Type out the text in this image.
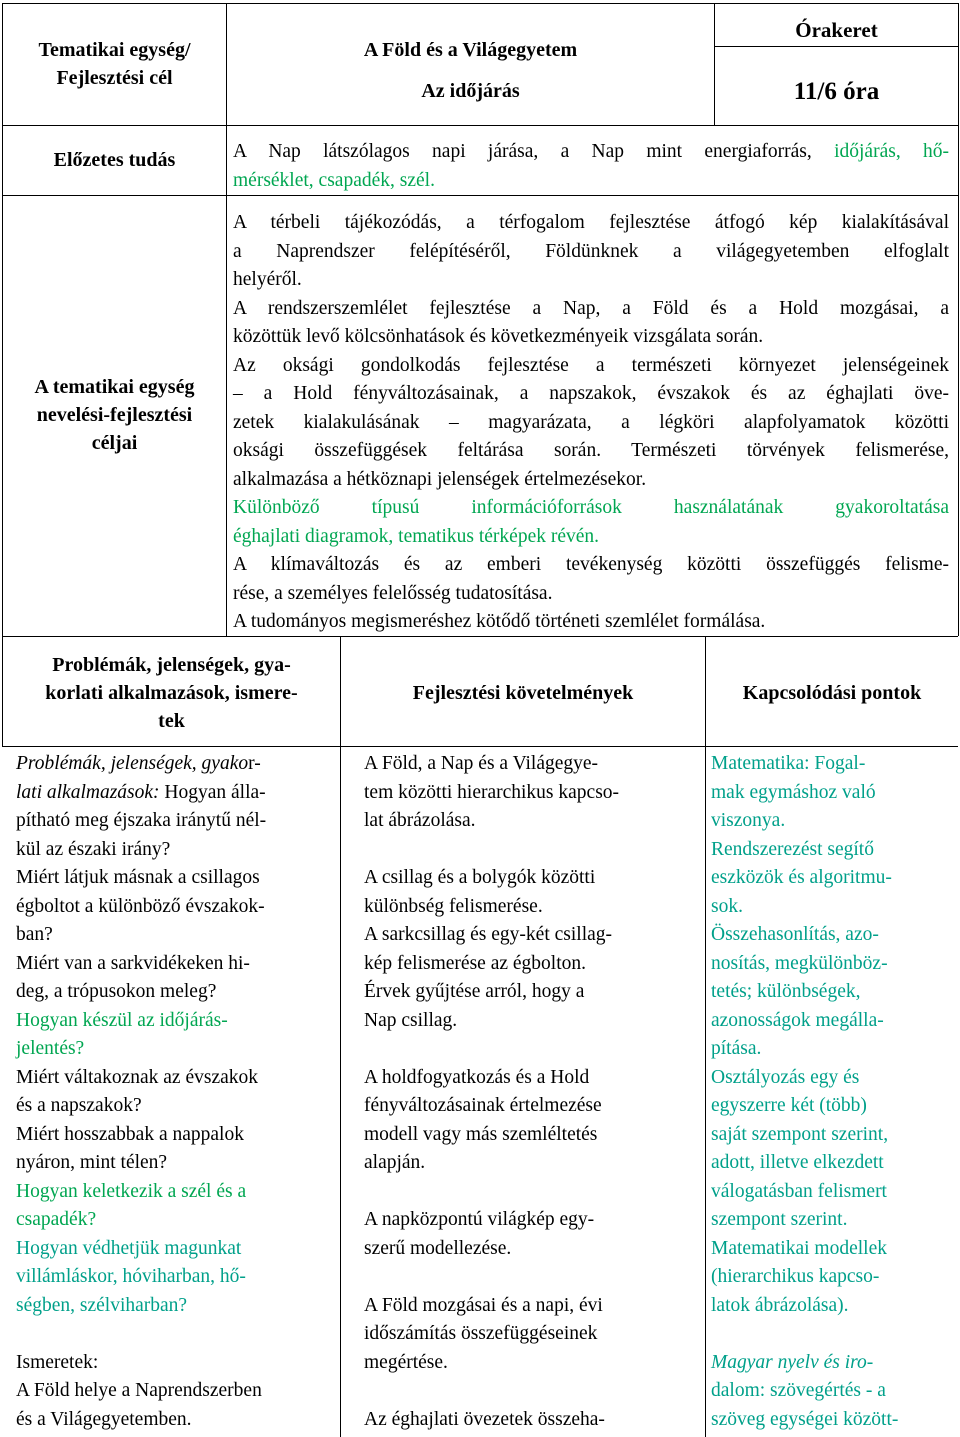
Tematikai egység/
Fejlesztési cél
A Föld és a Világegyetem
Az időjárás
Órakeret
11/6 óra
Előzetes tudás	A Nap látszólagos napi járása, a Nap mint energiaforrás, időjárás, hő-
mérséklet, csapadék, szél.
A tematikai egység
nevelési-fejlesztési
céljai
A térbeli tájékozódás, a térfogalom fejlesztése átfogó kép kialakításával
a Naprendszer felépítéséről, Földünknek a világegyetemben elfoglalt
helyéről.
A rendszerszemlélet fejlesztése a Nap, a Föld és a Hold mozgásai, a
közöttük levő kölcsönhatások és következményeik vizsgálata során.
Az oksági gondolkodás fejlesztése a természeti környezet jelenségeinek
– a Hold fényváltozásainak, a napszakok, évszakok és az éghajlati öve-
zetek kialakulásának – magyarázata, a légköri alapfolyamatok közötti
oksági összefüggések feltárása során. Természeti törvények felismerése,
alkalmazása a hétköznapi jelenségek értelmezésekor.
Különböző típusú információforrások használatának gyakoroltatása
éghajlati diagramok, tematikus térképek révén.
A klímaváltozás és az emberi tevékenység közötti összefüggés felisme-
rése, a személyes felelősség tudatosítása.
A tudományos megismeréshez kötődő történeti szemlélet formálása.
Problémák, jelenségek, gya-
korlati alkalmazások, ismere-
tek
Fejlesztési követelmények	Kapcsolódási pontok
Problémák, jelenségek, gyakor-
lati alkalmazások: Hogyan álla-
pítható meg éjszaka iránytű nél-
kül az északi irány?
Miért látjuk másnak a csillagos
égboltot a különböző évszakok-
ban?
Miért van a sarkvidékeken hi-
deg, a trópusokon meleg?
Hogyan készül az időjárás-
jelentés?
Miért váltakoznak az évszakok
és a napszakok?
Miért hosszabbak a nappalok
nyáron, mint télen?
Hogyan keletkezik a szél és a
csapadék?
Hogyan védhetjük magunkat
villámláskor, hóviharban, hő-
ségben, szélviharban?
Ismeretek:
A Föld helye a Naprendszerben
és a Világegyetemben.
A Föld, a Nap és a Világegye-
tem közötti hierarchikus kapcso-
lat ábrázolása.
A csillag és a bolygók közötti
különbség felismerése.
A sarkcsillag és egy-két csillag-
kép felismerése az égbolton.
Érvek gyűjtése arról, hogy a
Nap csillag.
A holdfogyatkozás és a Hold
fényváltozásainak értelmezése
modell vagy más szemléltetés
alapján.
A napközpontú világkép egy-
szerű modellezése.
A Föld mozgásai és a napi, évi
időszámítás összefüggéseinek
megértése.
Az éghajlati övezetek összeha-
Matematika: Fogal-
mak egymáshoz való
viszonya.
Rendszerezést segítő
eszközök és algoritmu-
sok.
Összehasonlítás, azo-
nosítás, megkülönböz-
tetés; különbségek,
azonosságok megálla-
pítása.
Osztályozás egy és
egyszerre két (több)
saját szempont szerint,
adott, illetve elkezdett
válogatásban felismert
szempont szerint.
Matematikai modellek
(hierarchikus kapcso-
latok ábrázolása).
Magyar nyelv és iro-
dalom: szövegértés - a
szöveg egységei között-
